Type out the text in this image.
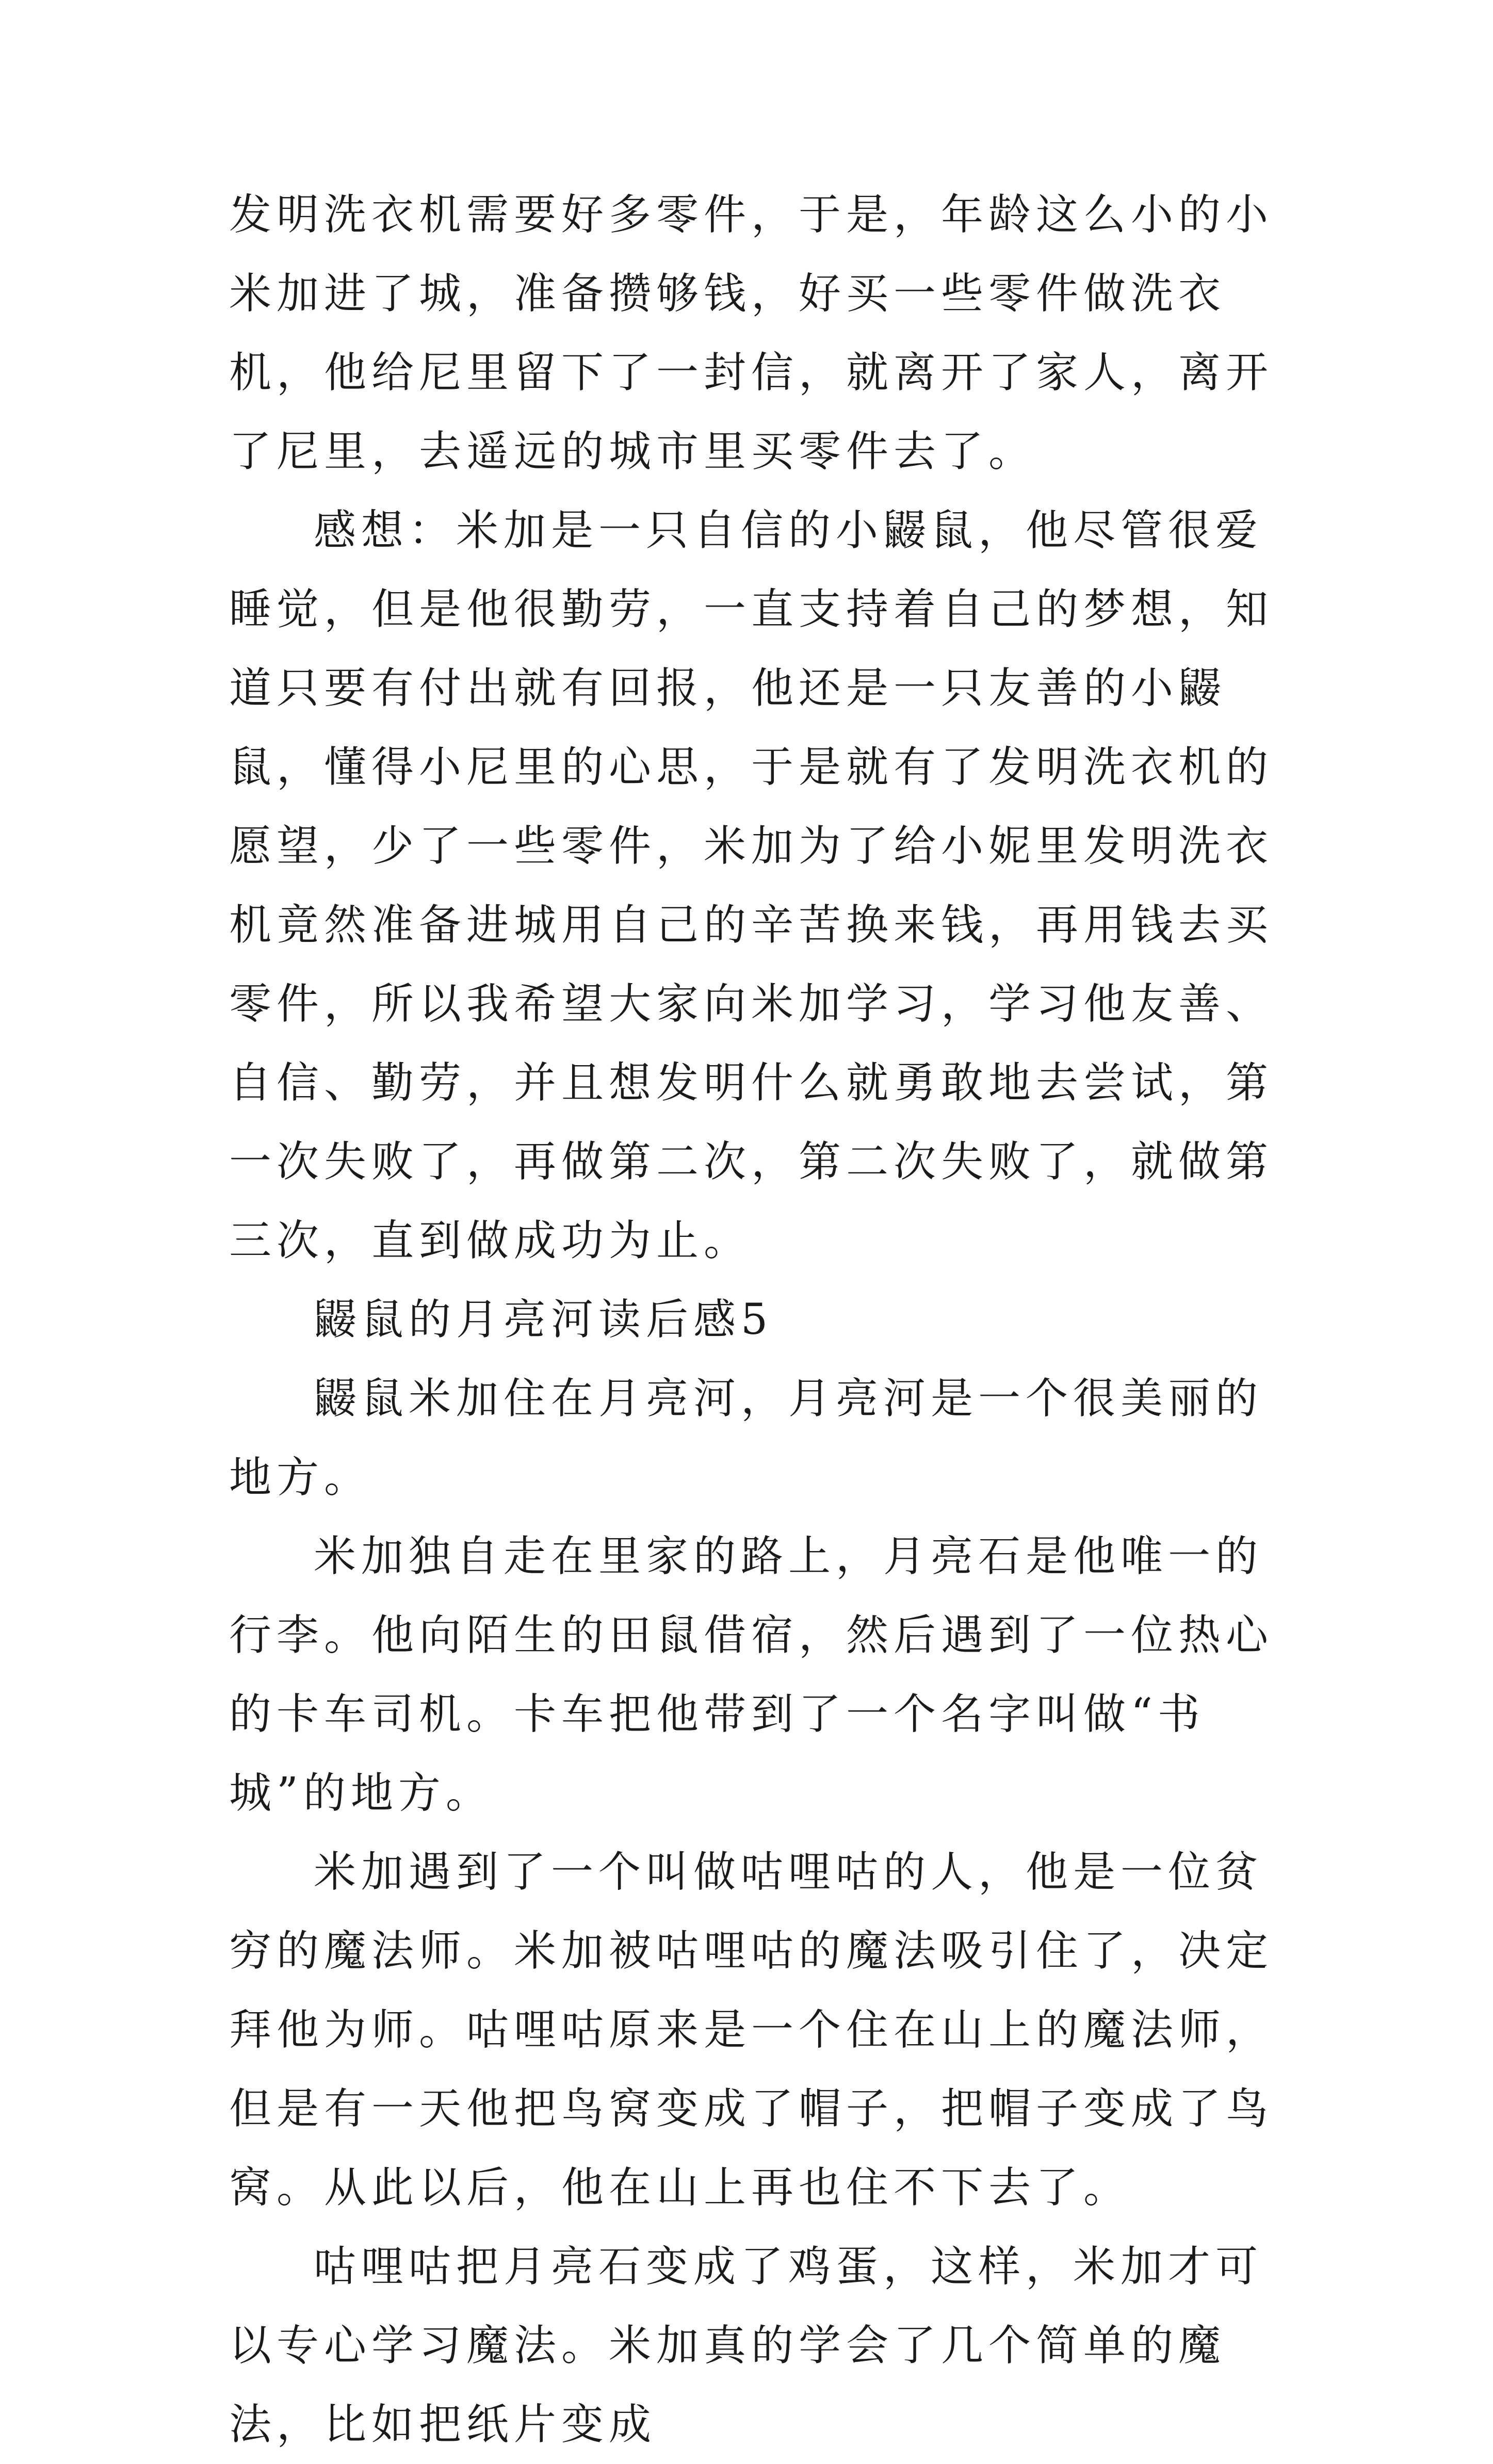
发明洗衣机需要好多零件，于是，年龄这么小的小米加进了城，准备攒够钱，好买一些零件做洗衣机，他给尼里留下了一封信，就离开了家人，离开了尼里，去遥远的城市里买零件去了。

感想：米加是一只自信的小鼹鼠，他尽管很爱睡觉，但是他很勤劳，一直支持着自己的梦想，知道只要有付出就有回报，他还是一只友善的小鼹鼠，懂得小尼里的心思，于是就有了发明洗衣机的愿望，少了一些零件，米加为了给小妮里发明洗衣机竟然准备进城用自己的辛苦换来钱，再用钱去买零件，所以我希望大家向米加学习，学习他友善、自信、勤劳，并且想发明什么就勇敢地去尝试，第一次失败了，再做第二次，第二次失败了，就做第三次，直到做成功为止。

鼹鼠的月亮河读后感5

鼹鼠米加住在月亮河，月亮河是一个很美丽的地方。

米加独自走在里家的路上，月亮石是他唯一的行李。他向陌生的田鼠借宿，然后遇到了一位热心的卡车司机。卡车把他带到了一个名字叫做“书城”的地方。

米加遇到了一个叫做咕哩咕的人，他是一位贫穷的魔法师。米加被咕哩咕的魔法吸引住了，决定拜他为师。咕哩咕原来是一个住在山上的魔法师，但是有一天他把鸟窝变成了帽子，把帽子变成了鸟窝。从此以后，他在山上再也住不下去了。

咕哩咕把月亮石变成了鸡蛋，这样，米加才可以专心学习魔法。米加真的学会了几个简单的魔法，比如把纸片变成
